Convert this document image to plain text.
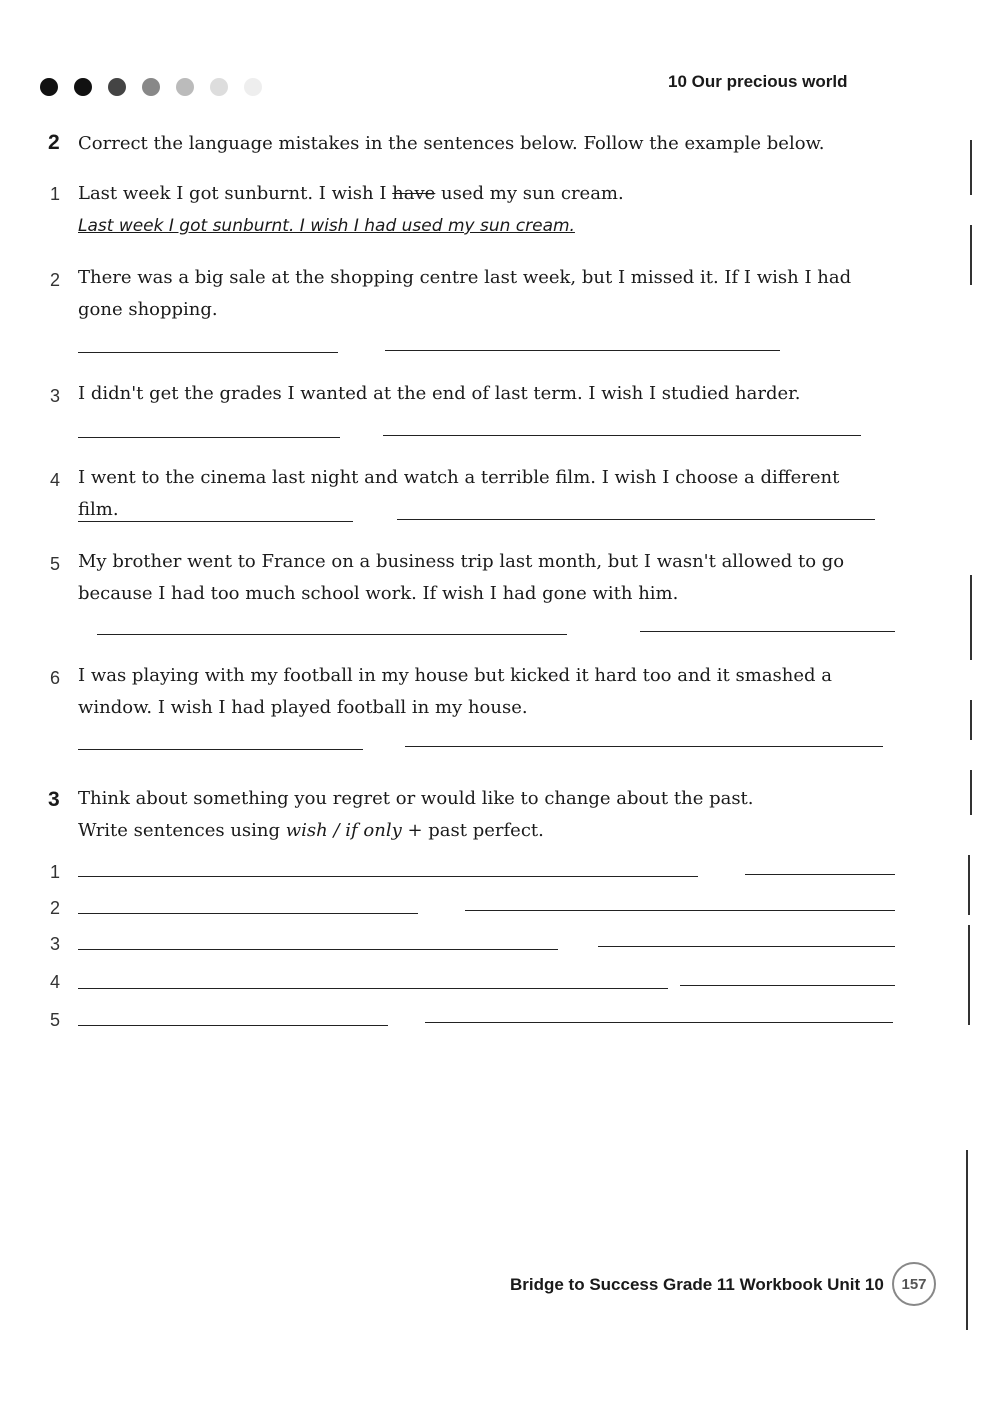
10 Our precious world
2 Correct the language mistakes in the sentences below. Follow the example below.
1	Last week I got sunburnt. I wish I have used my sun cream.
Last week I got sunburnt. I wish I had used my sun cream.
2	There was a big sale at the shopping centre last week, but I missed it. If I wish I had gone shopping.
3	I didn't get the grades I wanted at the end of last term. I wish I studied harder.
4	I went to the cinema last night and watch a terrible film. I wish I choose a different film.
5	My brother went to France on a business trip last month, but I wasn't allowed to go because I had too much school work. If wish I had gone with him.
6	I was playing with my football in my house but kicked it hard too and it smashed a window. I wish I had played football in my house.
3 Think about something you regret or would like to change about the past.
Write sentences using wish / if only + past perfect.
1
2
3
4
5
Bridge to Success Grade 11 Workbook Unit 10	157
